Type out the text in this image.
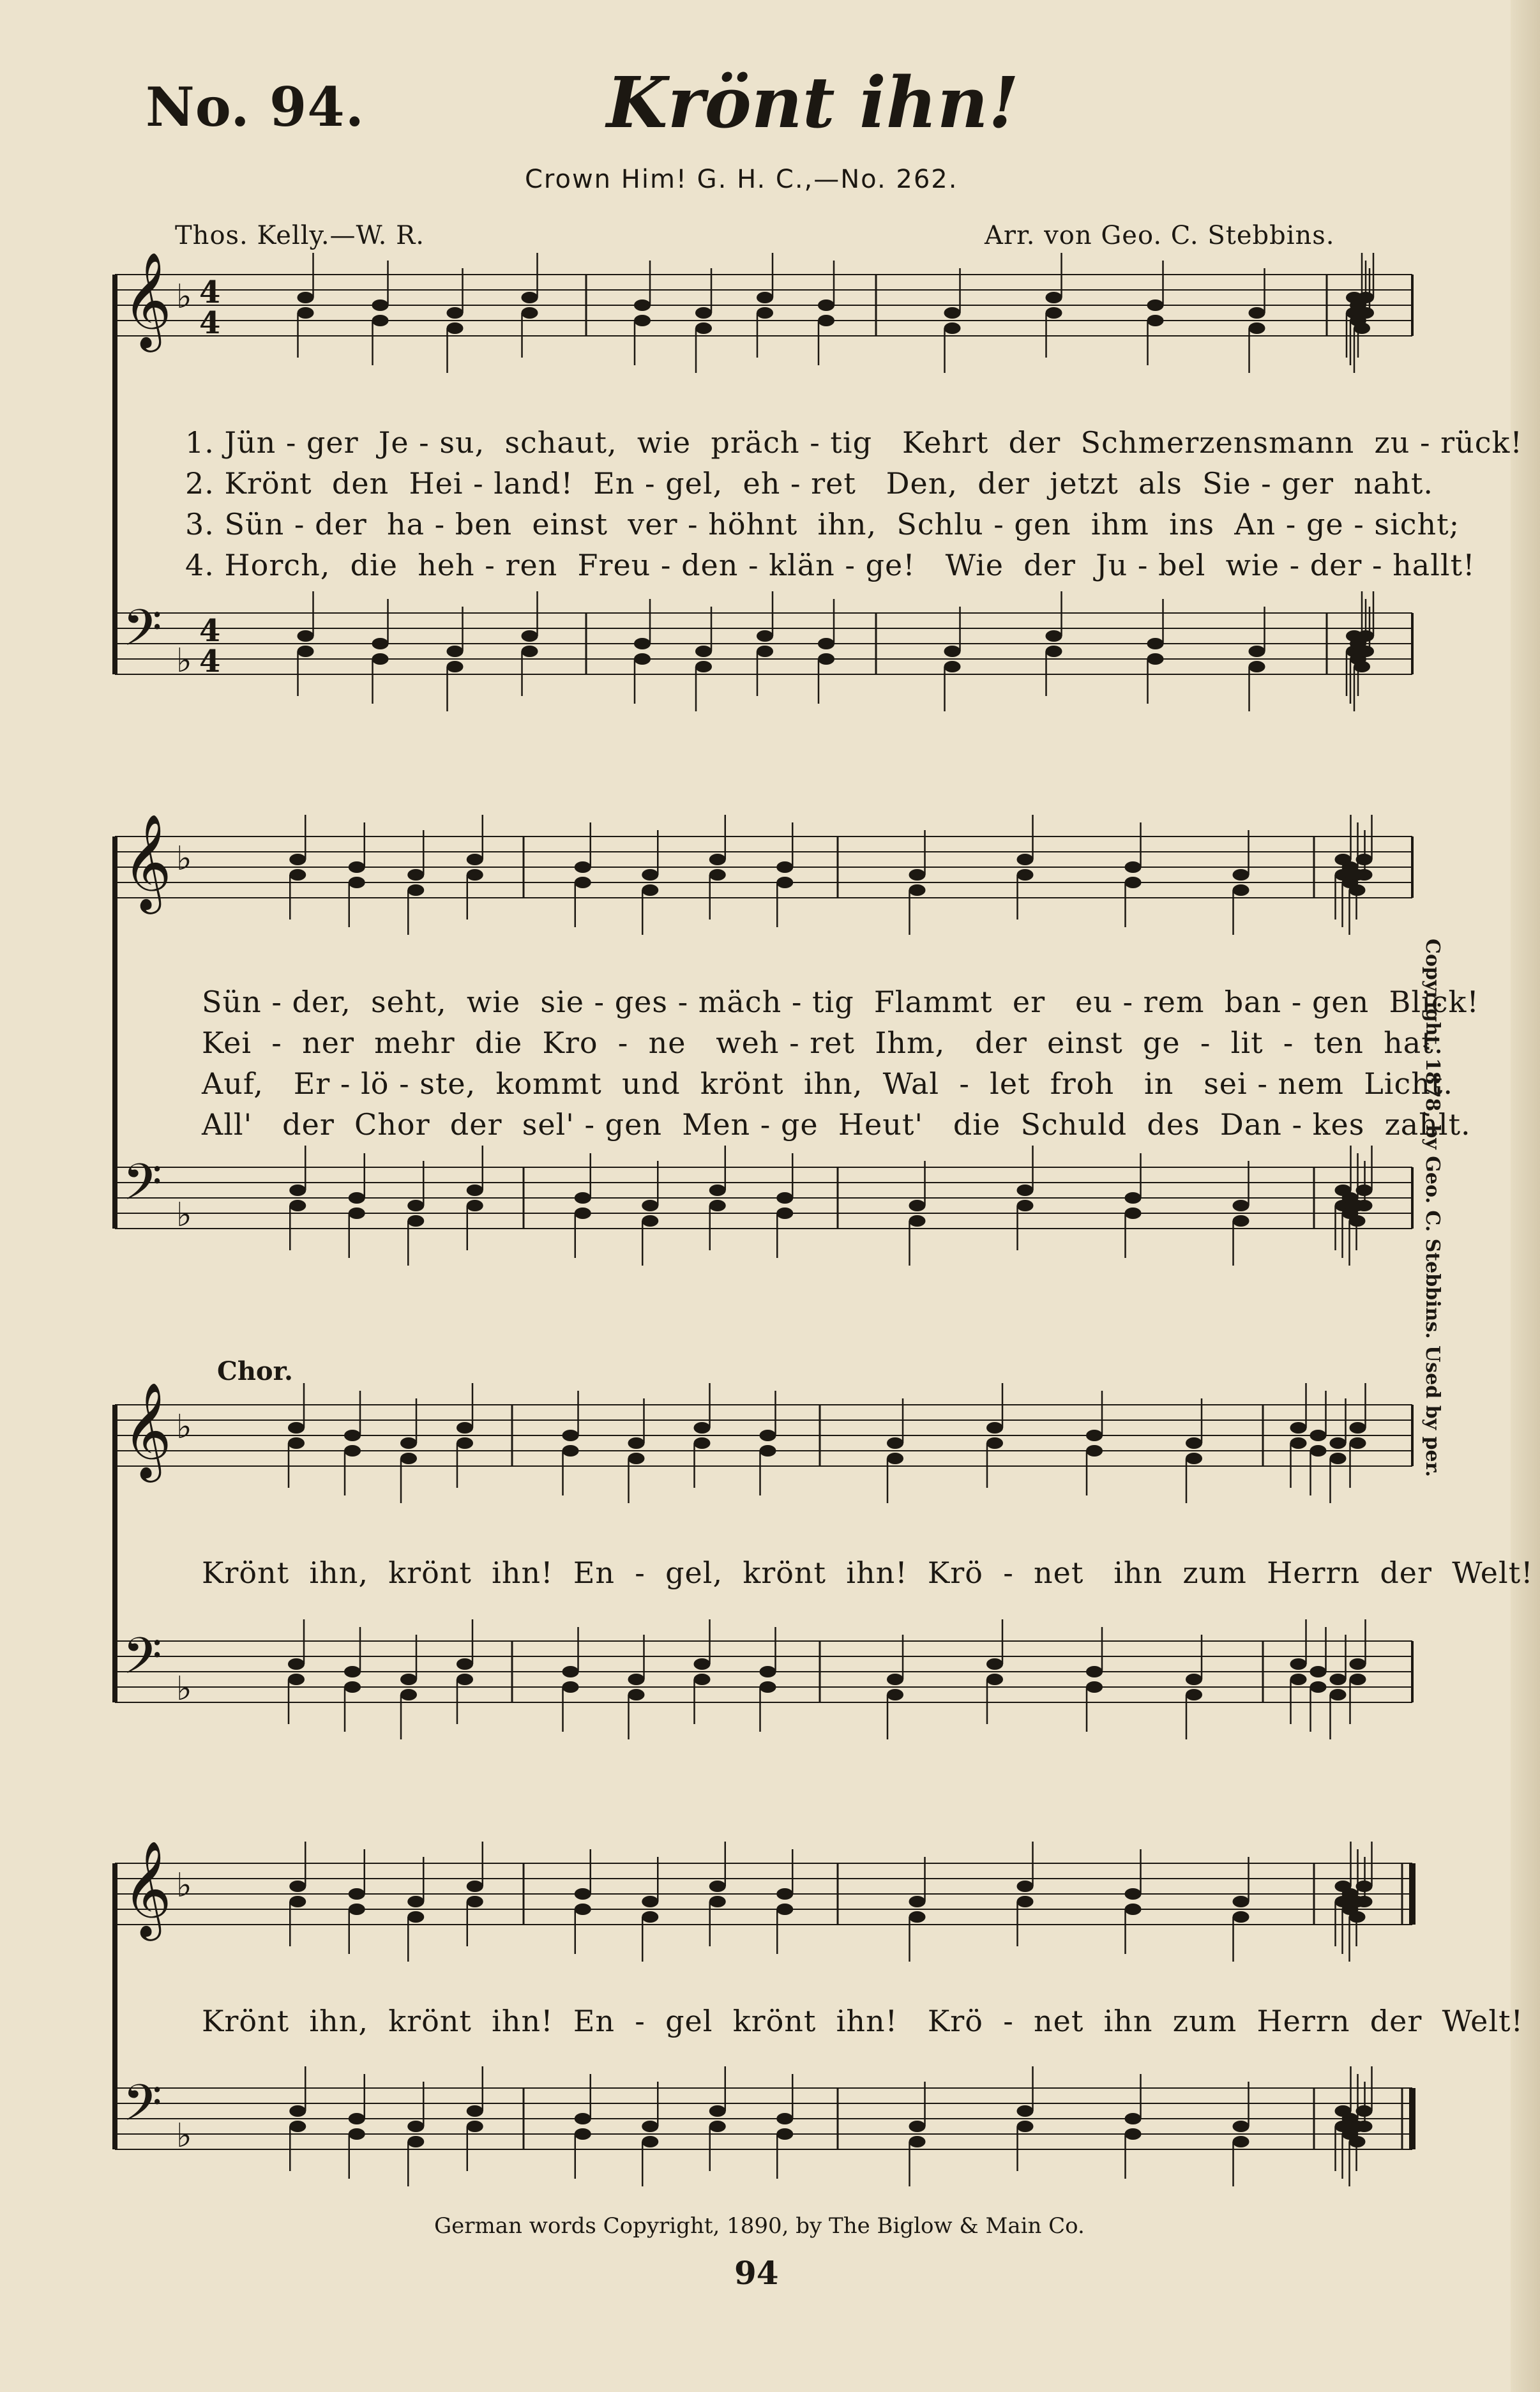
No. 94.	Krönt ihn!
Crown Him! G. H. C.,—No. 262.
Thos. Kelly.—W. R.	Arr. von Geo. C. Stebbins.
𝄞 ♭ 4
4
𝄢 ♭
4
4
𝄞 ♭
𝄢 ♭
𝄞 ♭
𝄢 ♭
𝄞 ♭
𝄢 ♭
1. Jün - ger  Je - su,  schaut,  wie  präch - tig   Kehrt  der  Schmerzensmann  zu - rück!
2. Krönt  den  Hei - land!  En - gel,  eh - ret   Den,  der  jetzt  als  Sie - ger  naht.
3. Sün - der  ha - ben  einst  ver - höhnt  ihn,  Schlu - gen  ihm  ins  An - ge - sicht;
4. Horch,  die  heh - ren  Freu - den - klän - ge!   Wie  der  Ju - bel  wie - der - hallt!
Sün - der,  seht,  wie  sie - ges - mäch - tig  Flammt  er   eu - rem  ban - gen  Blick!
Kei  -  ner  mehr  die  Kro  -  ne   weh - ret  Ihm,   der  einst  ge  -  lit  -  ten  hat.
Auf,   Er - lö - ste,  kommt  und  krönt  ihn,  Wal  -  let  froh   in   sei - nem  Licht.
All'   der  Chor  der  sel' - gen  Men - ge  Heut'   die  Schuld  des  Dan - kes  zahlt.
Chor.
Krönt  ihn,  krönt  ihn!  En  -  gel,  krönt  ihn!  Krö  -  net   ihn  zum  Herrn  der  Welt!
Krönt  ihn,  krönt  ihn!  En  -  gel  krönt  ihn!   Krö  -  net  ihn  zum  Herrn  der  Welt!
Copyright, 1878, by Geo. C. Stebbins. Used by per.
German words Copyright, 1890, by The Biglow & Main Co.
94
